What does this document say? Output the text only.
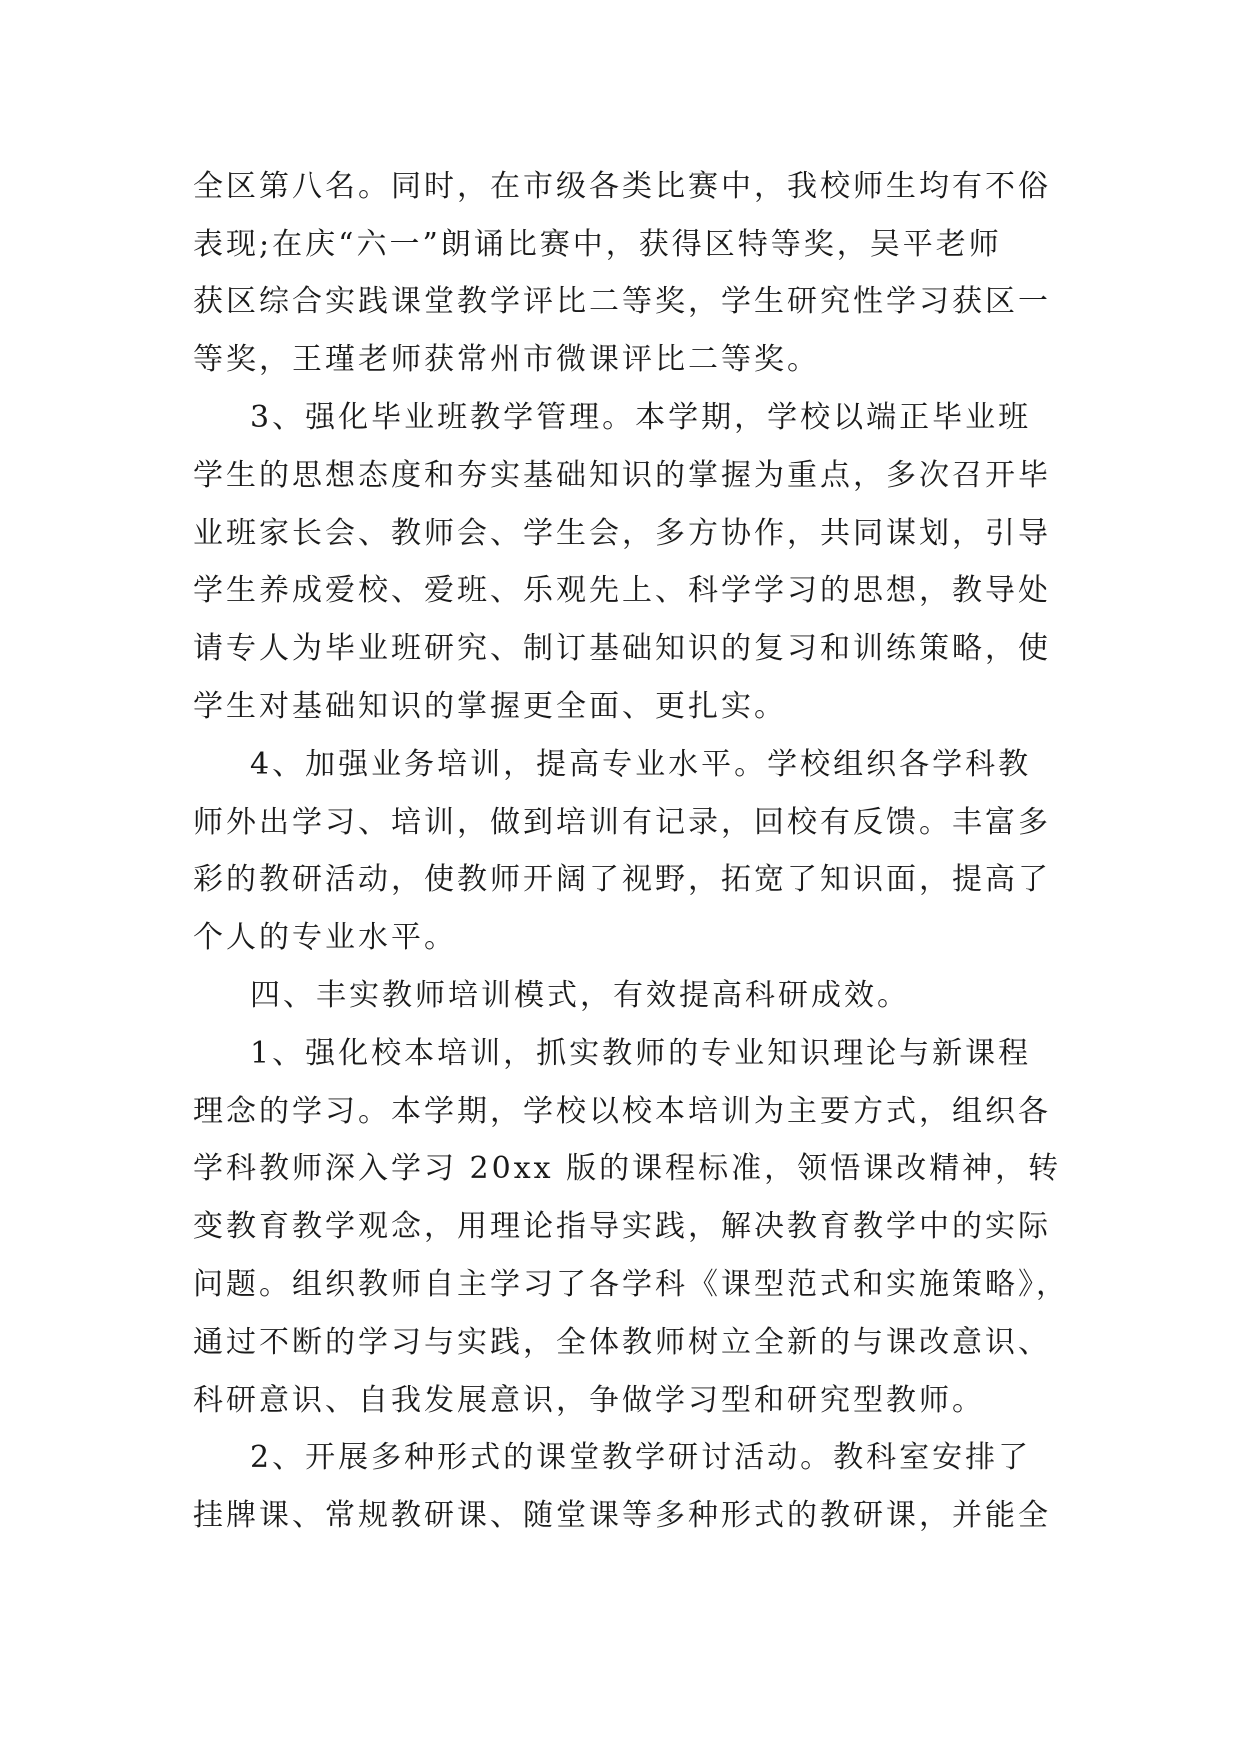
全区第八名。同时，在市级各类比赛中，我校师生均有不俗
表现;在庆“六一”朗诵比赛中，获得区特等奖，吴平老师
获区综合实践课堂教学评比二等奖，学生研究性学习获区一
等奖，王瑾老师获常州市微课评比二等奖。
3、强化毕业班教学管理。本学期，学校以端正毕业班
学生的思想态度和夯实基础知识的掌握为重点，多次召开毕
业班家长会、教师会、学生会，多方协作，共同谋划，引导
学生养成爱校、爱班、乐观先上、科学学习的思想，教导处
请专人为毕业班研究、制订基础知识的复习和训练策略，使
学生对基础知识的掌握更全面、更扎实。
4、加强业务培训，提高专业水平。学校组织各学科教
师外出学习、培训，做到培训有记录，回校有反馈。丰富多
彩的教研活动，使教师开阔了视野，拓宽了知识面，提高了
个人的专业水平。
四、丰实教师培训模式，有效提高科研成效。
1、强化校本培训，抓实教师的专业知识理论与新课程
理念的学习。本学期，学校以校本培训为主要方式，组织各
学科教师深入学习 20xx 版的课程标准，领悟课改精神，转
变教育教学观念，用理论指导实践，解决教育教学中的实际
问题。组织教师自主学习了各学科《课型范式和实施策略》，
通过不断的学习与实践，全体教师树立全新的与课改意识、
科研意识、自我发展意识，争做学习型和研究型教师。
2、开展多种形式的课堂教学研讨活动。教科室安排了
挂牌课、常规教研课、随堂课等多种形式的教研课，并能全
